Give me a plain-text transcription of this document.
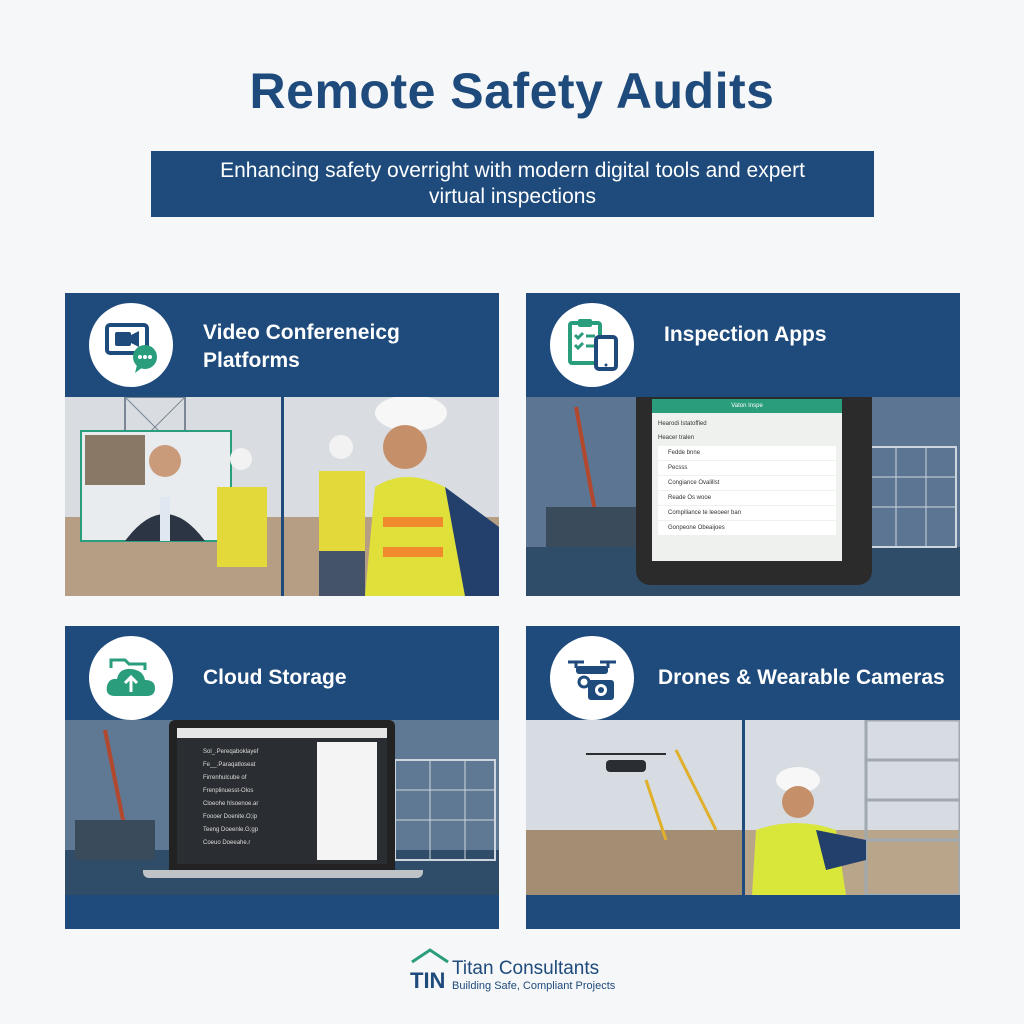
Remote Safety Audits
Enhancing safety overright with modern digital tools and expert virtual inspections
Video Confereneicg Platforms
Inspection Apps
Vaton Inspe
Hearodi Istatoffied
Heacer tralen
Fedde bnne
Pecsss
Congiance Ovalillst
Reade Os wooe
Compiliance te leeoeer ban
Gonpeone Obeaijoes
Cloud Storage
Sol_.Pereqaboklayef
Fe__.Paraqatloseat
Firrenhulcube of
Frenplinuesst-Olos
Cloeohe hlsoenoe.ar
Foooer Doenite.O;ip
Teeng Doeenle.G;gp
Coeuo Doeeahe.r
Drones & Wearable Cameras
TIN Titan Consultants
Building Safe, Compliant Projects
